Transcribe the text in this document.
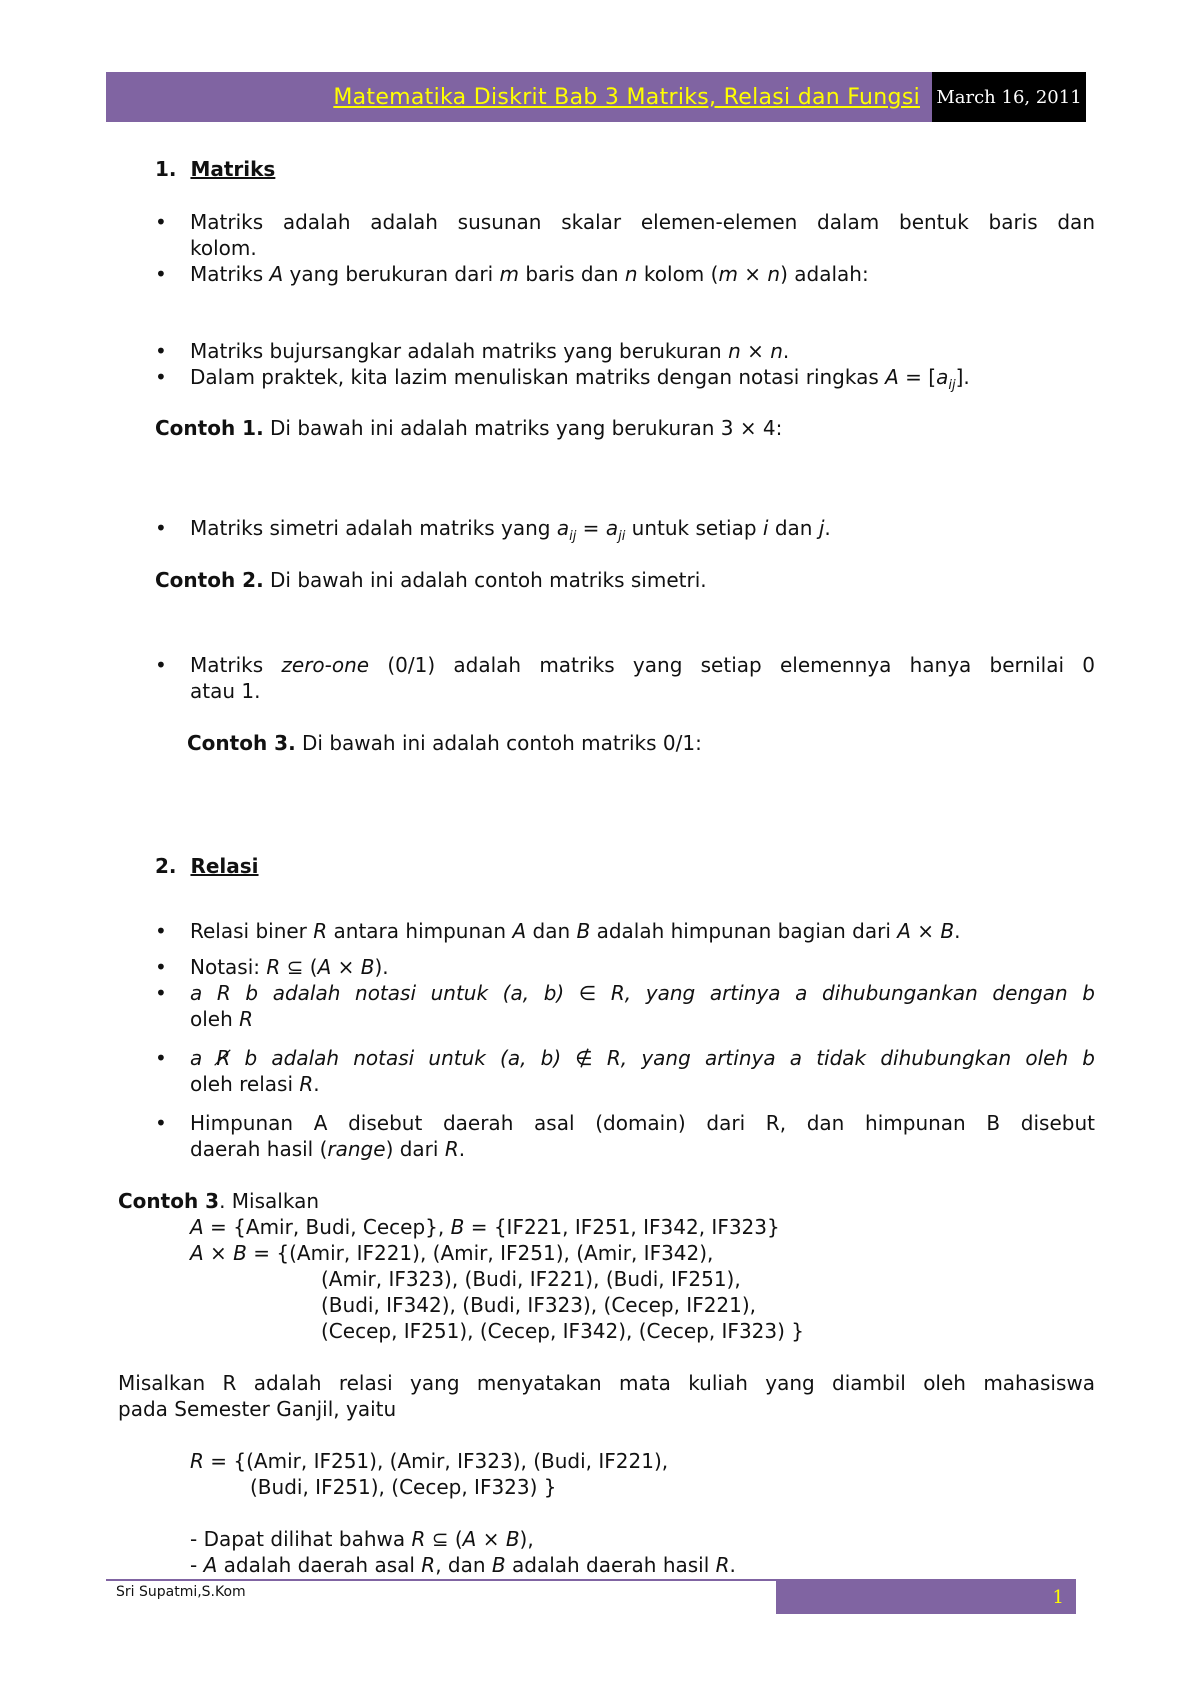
Matematika Diskrit Bab 3 Matriks, Relasi dan Fungsi March 16, 2011
1. Matriks
• Matriks adalah adalah susunan skalar elemen-elemen dalam bentuk baris dan
kolom.
• Matriks A yang berukuran dari m baris dan n kolom (m × n) adalah:
• Matriks bujursangkar adalah matriks yang berukuran n × n.
• Dalam praktek, kita lazim menuliskan matriks dengan notasi ringkas $A = [a_{ij}]$.
Contoh 1. Di bawah ini adalah matriks yang berukuran 3 × 4:
• Matriks simetri adalah matriks yang $a_{ij} = a_{ji}$ untuk setiap i dan j.
Contoh 2. Di bawah ini adalah contoh matriks simetri.
• Matriks zero-one (0/1) adalah matriks yang setiap elemennya hanya bernilai 0
atau 1.
Contoh 3. Di bawah ini adalah contoh matriks 0/1:
2. Relasi
• Relasi biner R antara himpunan A dan B adalah himpunan bagian dari A × B.
• Notasi: R ⊆ (A × B).
• a R b adalah notasi untuk (a, b) ∈ R, yang artinya a dihubungankan dengan b
oleh R
• a R̸ b adalah notasi untuk (a, b) ∉ R, yang artinya a tidak dihubungkan oleh b
oleh relasi R.
• Himpunan A disebut daerah asal (domain) dari R, dan himpunan B disebut
daerah hasil (range) dari R.
Contoh 3. Misalkan
A = {Amir, Budi, Cecep}, B = {IF221, IF251, IF342, IF323}
A × B = {(Amir, IF221), (Amir, IF251), (Amir, IF342),
(Amir, IF323), (Budi, IF221), (Budi, IF251),
(Budi, IF342), (Budi, IF323), (Cecep, IF221),
(Cecep, IF251), (Cecep, IF342), (Cecep, IF323) }
Misalkan R adalah relasi yang menyatakan mata kuliah yang diambil oleh mahasiswa
pada Semester Ganjil, yaitu
R = {(Amir, IF251), (Amir, IF323), (Budi, IF221),
(Budi, IF251), (Cecep, IF323) }
- Dapat dilihat bahwa R ⊆ (A × B),
- A adalah daerah asal R, dan B adalah daerah hasil R.
Sri Supatmi,S.Kom	1
